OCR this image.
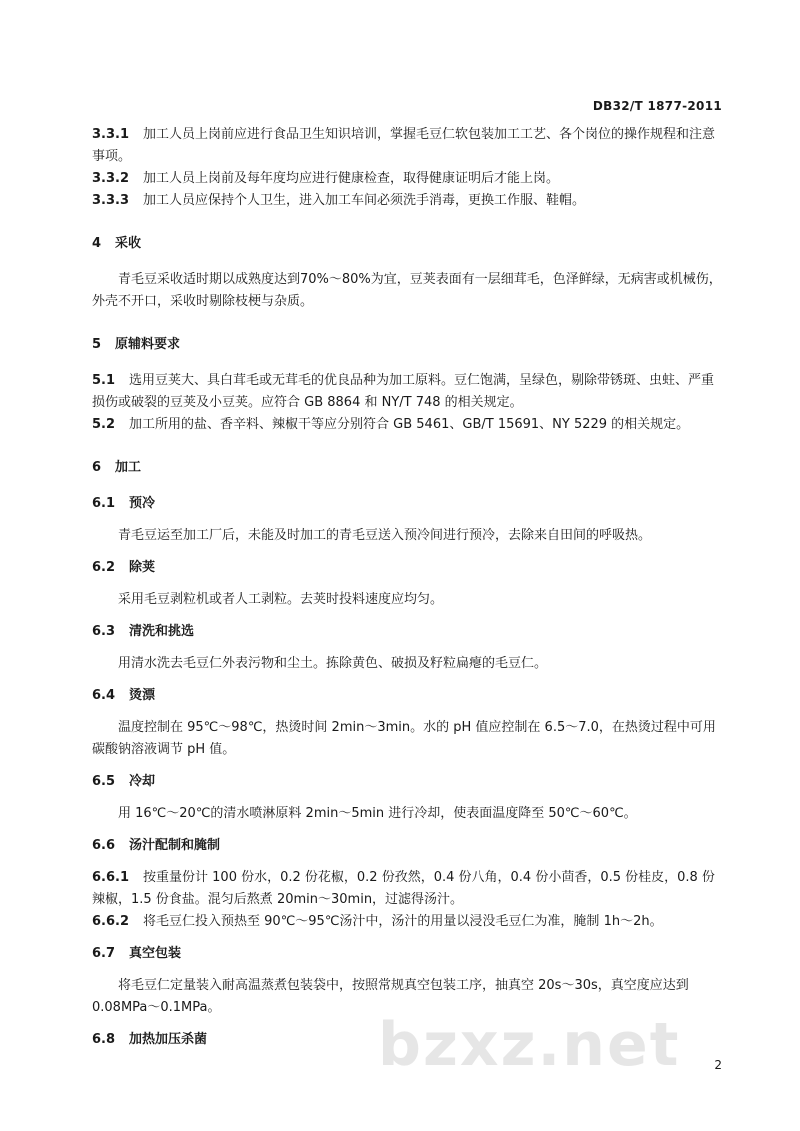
DB32/T 1877-2011

3.3.1 加工人员上岗前应进行食品卫生知识培训，掌握毛豆仁软包装加工工艺、各个岗位的操作规程和注意事项。

3.3.2 加工人员上岗前及每年度均应进行健康检查，取得健康证明后才能上岗。

3.3.3 加工人员应保持个人卫生，进入加工车间必须洗手消毒，更换工作服、鞋帽。

4 采收

青毛豆采收适时期以成熟度达到70%～80%为宜，豆荚表面有一层细茸毛，色泽鲜绿，无病害或机械伤，外壳不开口，采收时剔除枝梗与杂质。

5 原辅料要求

5.1 选用豆荚大、具白茸毛或无茸毛的优良品种为加工原料。豆仁饱满，呈绿色，剔除带锈斑、虫蛀、严重损伤或破裂的豆荚及小豆荚。应符合 GB 8864 和 NY/T 748 的相关规定。

5.2 加工所用的盐、香辛料、辣椒干等应分别符合 GB 5461、GB/T 15691、NY 5229 的相关规定。

6 加工

6.1 预冷

青毛豆运至加工厂后，未能及时加工的青毛豆送入预冷间进行预冷，去除来自田间的呼吸热。

6.2 除荚

采用毛豆剥粒机或者人工剥粒。去荚时投料速度应均匀。

6.3 清洗和挑选

用清水洗去毛豆仁外表污物和尘土。拣除黄色、破损及籽粒扁瘪的毛豆仁。

6.4 烫漂

温度控制在 95℃～98℃，热烫时间 2min～3min。水的 pH 值应控制在 6.5～7.0，在热烫过程中可用碳酸钠溶液调节 pH 值。

6.5 冷却

用 16℃～20℃的清水喷淋原料 2min～5min 进行冷却，使表面温度降至 50℃～60℃。

6.6 汤汁配制和腌制

6.6.1 按重量份计 100 份水，0.2 份花椒，0.2 份孜然，0.4 份八角，0.4 份小茴香，0.5 份桂皮，0.8 份辣椒，1.5 份食盐。混匀后熬煮 20min～30min，过滤得汤汁。

6.6.2 将毛豆仁投入预热至 90℃～95℃汤汁中，汤汁的用量以浸没毛豆仁为准，腌制 1h～2h。

6.7 真空包装

将毛豆仁定量装入耐高温蒸煮包装袋中，按照常规真空包装工序，抽真空 20s～30s，真空度应达到 0.08MPa～0.1MPa。

6.8 加热加压杀菌	bzxz.net	2
